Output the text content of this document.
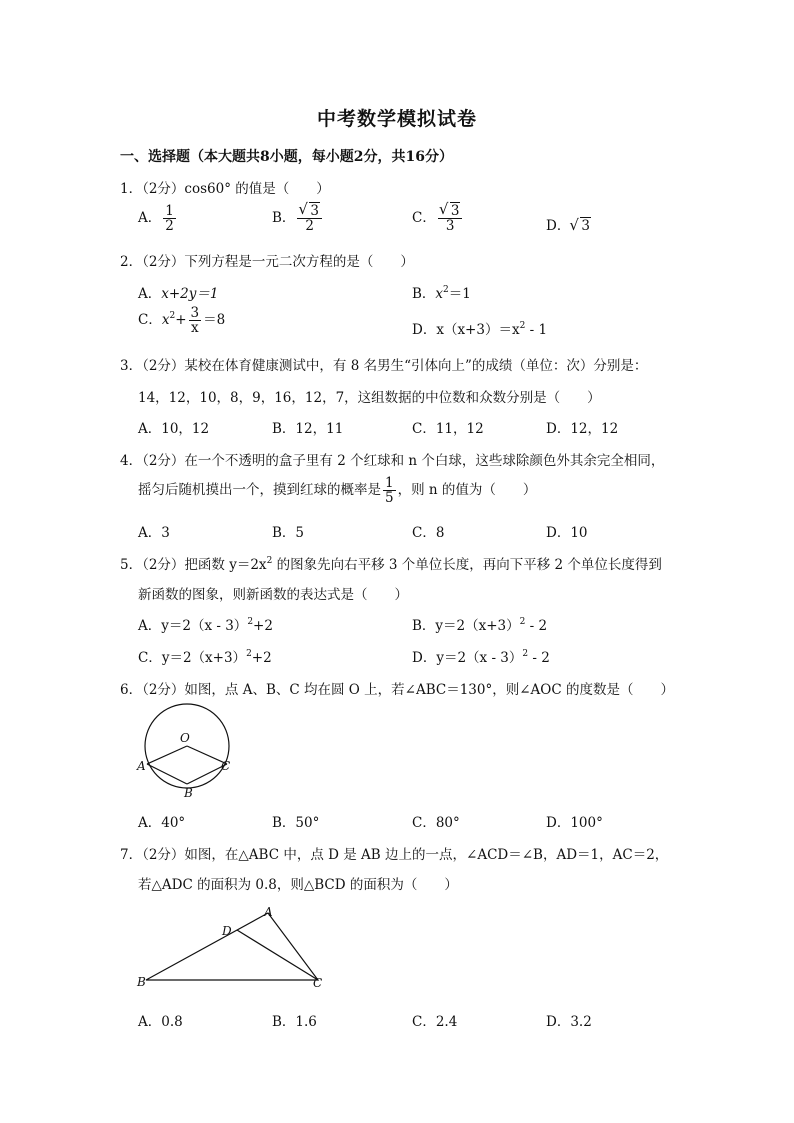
中考数学模拟试卷
一、选择题（本大题共8小题，每小题2分，共16分）
1．（2分）cos60° 的值是（　　）
A． $\frac{1}{2}$	B． √ $\frac{3}{2}$	C． √ $\frac{3}{3}$	D． √ 3
2．（2分）下列方程是一元二次方程的是（　　）
A．x+2y＝1	B．$x^2=1$
C．$x^2+ \frac{3}{x} =8$
D．$x(x+3)=x^2 - 1$
3．（2分）某校在体育健康测试中，有 8 名男生“引体向上”的成绩（单位：次）分别是：
14，12，10，8，9，16，12，7，这组数据的中位数和众数分别是（　　）
A．10，12	B．12，11	C．11，12	D．12，12
4．（2分）在一个不透明的盒子里有 2 个红球和 n 个白球，这些球除颜色外其余完全相同，
摇匀后随机摸出一个，摸到红球的概率是 $\frac{1}{5}$ ，则 n 的值为（　　）
A．3	B．5	C．8	D．10
5．（2分）把函数 $y=2x^2$ 的图象先向右平移 3 个单位长度，再向下平移 2 个单位长度得到
新函数的图象，则新函数的表达式是（　　）
A．y＝2（x - 3）$^2$+2	B．$y=2(x+3)^2 - 2$
C．$y=2(x+3)^2+2$	D．y＝2（x - 3）$^2$ - 2
6．（2分）如图，点 A、B、C 均在圆 O 上，若∠ABC＝130°，则∠AOC 的度数是（　　）
O
A	C
B
A．40°	B．50°	C．80°	D．100°
7．（2分）如图，在△ABC 中，点 D 是 AB 边上的一点，∠ACD＝∠B，AD＝1，AC＝2，
若△ADC 的面积为 0.8，则△BCD 的面积为（　　）
A
D
B	C
A．0.8	B．1.6	C．2.4	D．3.2
